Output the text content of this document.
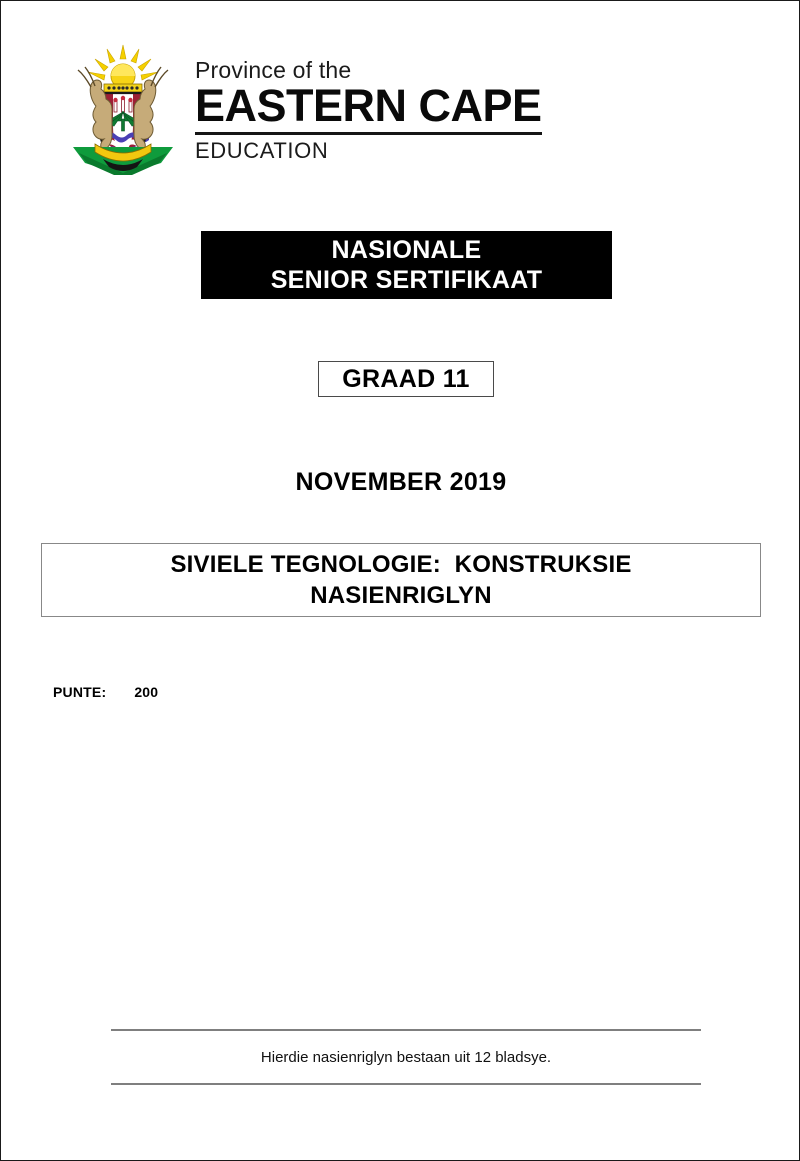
Province of the
EASTERN CAPE
EDUCATION
NASIONALE
SENIOR SERTIFIKAAT
GRAAD 11
NOVEMBER 2019
SIVIELE TEGNOLOGIE:  KONSTRUKSIE
NASIENRIGLYN
PUNTE: 200
Hierdie nasienriglyn bestaan uit 12 bladsye.
